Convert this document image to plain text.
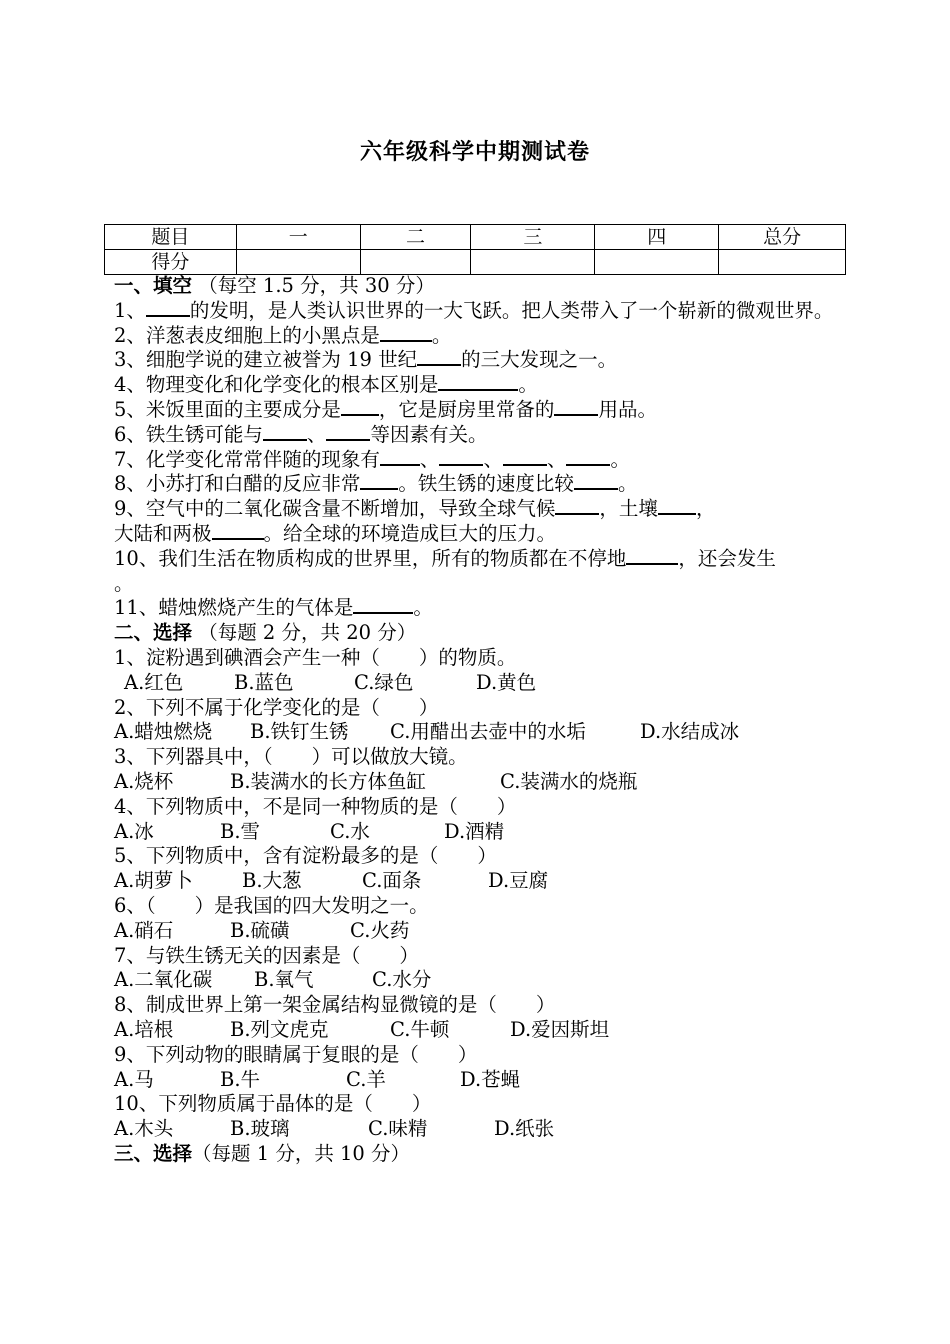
六年级科学中期测试卷
题目	一	二	三	四	总分
得分					
一、填空 （每空 1.5 分，共 30 分）
1、 的发明，是人类认识世界的一大飞跃。把人类带入了一个崭新的微观世界。
2、洋葱表皮细胞上的小黑点是	。
3、细胞学说的建立被誉为 19 世纪 的三大发现之一。
4、物理变化和化学变化的根本区别是	。
5、米饭里面的主要成分是 ，它是厨房里常备的 用品。
6、铁生锈可能与 、 等因素有关。
7、化学变化常常伴随的现象有 、 、 、 。
8、小苏打和白醋的反应非常 。铁生锈的速度比较 。
9、空气中的二氧化碳含量不断增加，导致全球气候 ，土壤 ，
大陆和两极	。给全球的环境造成巨大的压力。
10、我们生活在物质构成的世界里，所有的物质都在不停地	，还会发生
。
11、蜡烛燃烧产生的气体是	。
二、选择 （每题 2 分，共 20 分）
1、淀粉遇到碘酒会产生一种（　　）的物质。
A.红色	B.蓝色	C.绿色	D.黄色
2、下列不属于化学变化的是（　　）
A.蜡烛燃烧 B.铁钉生锈 C.用醋出去壶中的水垢	D.水结成冰
3、下列器具中，（　　）可以做放大镜。
A.烧杯	B.装满水的长方体鱼缸	C.装满水的烧瓶
4、下列物质中，不是同一种物质的是（　　）
A.冰	B.雪	C.水	D.酒精
5、下列物质中，含有淀粉最多的是（　　）
A.胡萝卜	B.大葱	C.面条	D.豆腐
6、（　　）是我国的四大发明之一。
A.硝石	B.硫磺	C.火药
7、与铁生锈无关的因素是（　　）
A.二氧化碳 B.氧气	C.水分
8、制成世界上第一架金属结构显微镜的是（　　）
A.培根	B.列文虎克	C.牛顿	D.爱因斯坦
9、下列动物的眼睛属于复眼的是（　　）
A.马	B.牛	C.羊	D.苍蝇
10、下列物质属于晶体的是（　　）
A.木头	B.玻璃	C.味精	D.纸张
三、选择（每题 1 分，共 10 分）
